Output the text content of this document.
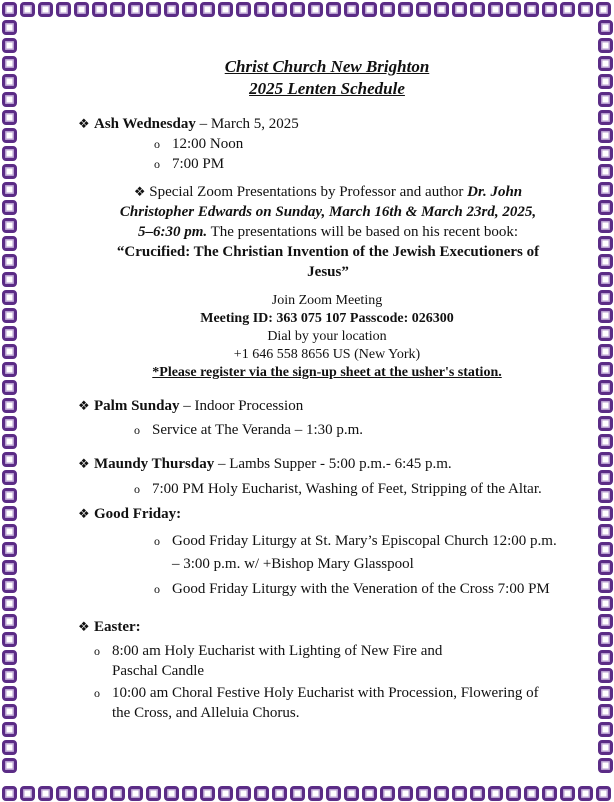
Christ Church New Brighton
2025 Lenten Schedule
❖ Ash Wednesday – March 5, 2025
o 12:00 Noon
o 7:00 PM
❖ Special Zoom Presentations by Professor and author Dr. John Christopher Edwards on Sunday, March 16th & March 23rd, 2025, 5–6:30 pm. The presentations will be based on his recent book: “Crucified: The Christian Invention of the Jewish Executioners of Jesus”
Join Zoom Meeting
Meeting ID: 363 075 107 Passcode: 026300
Dial by your location
+1 646 558 8656 US (New York)
*Please register via the sign-up sheet at the usher's station.
❖ Palm Sunday – Indoor Procession
o Service at The Veranda – 1:30 p.m.
❖ Maundy Thursday – Lambs Supper - 5:00 p.m.- 6:45 p.m.
o 7:00 PM Holy Eucharist, Washing of Feet, Stripping of the Altar.
❖ Good Friday:
o Good Friday Liturgy at St. Mary’s Episcopal Church 12:00 p.m. – 3:00 p.m. w/ +Bishop Mary Glasspool
o Good Friday Liturgy with the Veneration of the Cross 7:00 PM
❖ Easter:
o 8:00 am Holy Eucharist with Lighting of New Fire and Paschal Candle
o 10:00 am Choral Festive Holy Eucharist with Procession, Flowering of the Cross, and Alleluia Chorus.
